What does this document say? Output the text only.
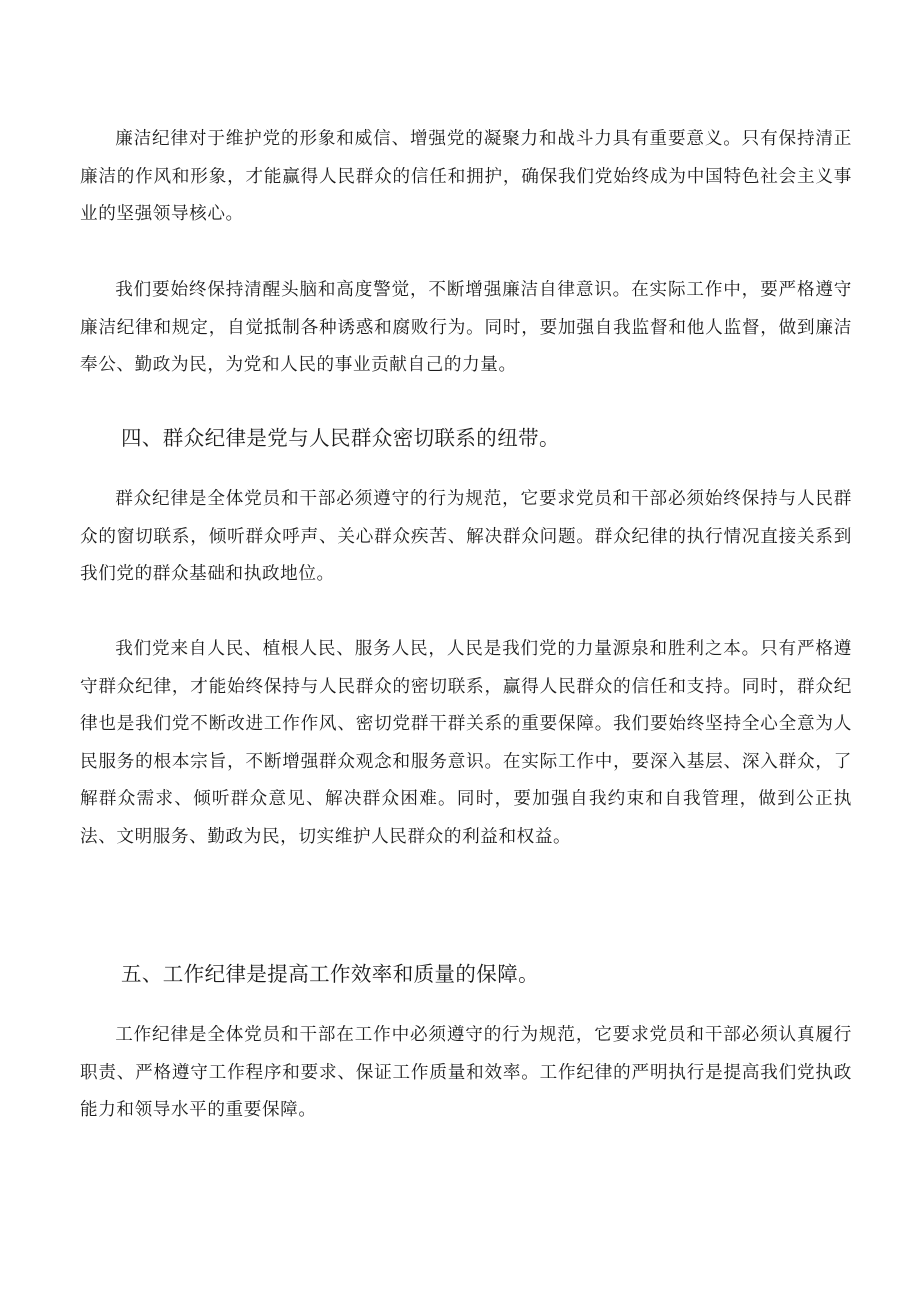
廉洁纪律对于维护党的形象和威信、增强党的凝聚力和战斗力具有重要意义。只有保持清正廉洁的作风和形象，才能赢得人民群众的信任和拥护，确保我们党始终成为中国特色社会主义事业的坚强领导核心。

我们要始终保持清醒头脑和高度警觉，不断增强廉洁自律意识。在实际工作中，要严格遵守廉洁纪律和规定，自觉抵制各种诱惑和腐败行为。同时，要加强自我监督和他人监督，做到廉洁奉公、勤政为民，为党和人民的事业贡献自己的力量。

四、群众纪律是党与人民群众密切联系的纽带。

群众纪律是全体党员和干部必须遵守的行为规范，它要求党员和干部必须始终保持与人民群众的窗切联系，倾听群众呼声、关心群众疾苦、解决群众问题。群众纪律的执行情况直接关系到我们党的群众基础和执政地位。

我们党来自人民、植根人民、服务人民，人民是我们党的力量源泉和胜利之本。只有严格遵守群众纪律，才能始终保持与人民群众的密切联系，赢得人民群众的信任和支持。同时，群众纪律也是我们党不断改进工作作风、密切党群干群关系的重要保障。我们要始终坚持全心全意为人民服务的根本宗旨，不断增强群众观念和服务意识。在实际工作中，要深入基层、深入群众，了解群众需求、倾听群众意见、解决群众困难。同时，要加强自我约束和自我管理，做到公正执法、文明服务、勤政为民，切实维护人民群众的利益和权益。

五、工作纪律是提高工作效率和质量的保障。

工作纪律是全体党员和干部在工作中必须遵守的行为规范，它要求党员和干部必须认真履行职责、严格遵守工作程序和要求、保证工作质量和效率。工作纪律的严明执行是提高我们党执政能力和领导水平的重要保障。
